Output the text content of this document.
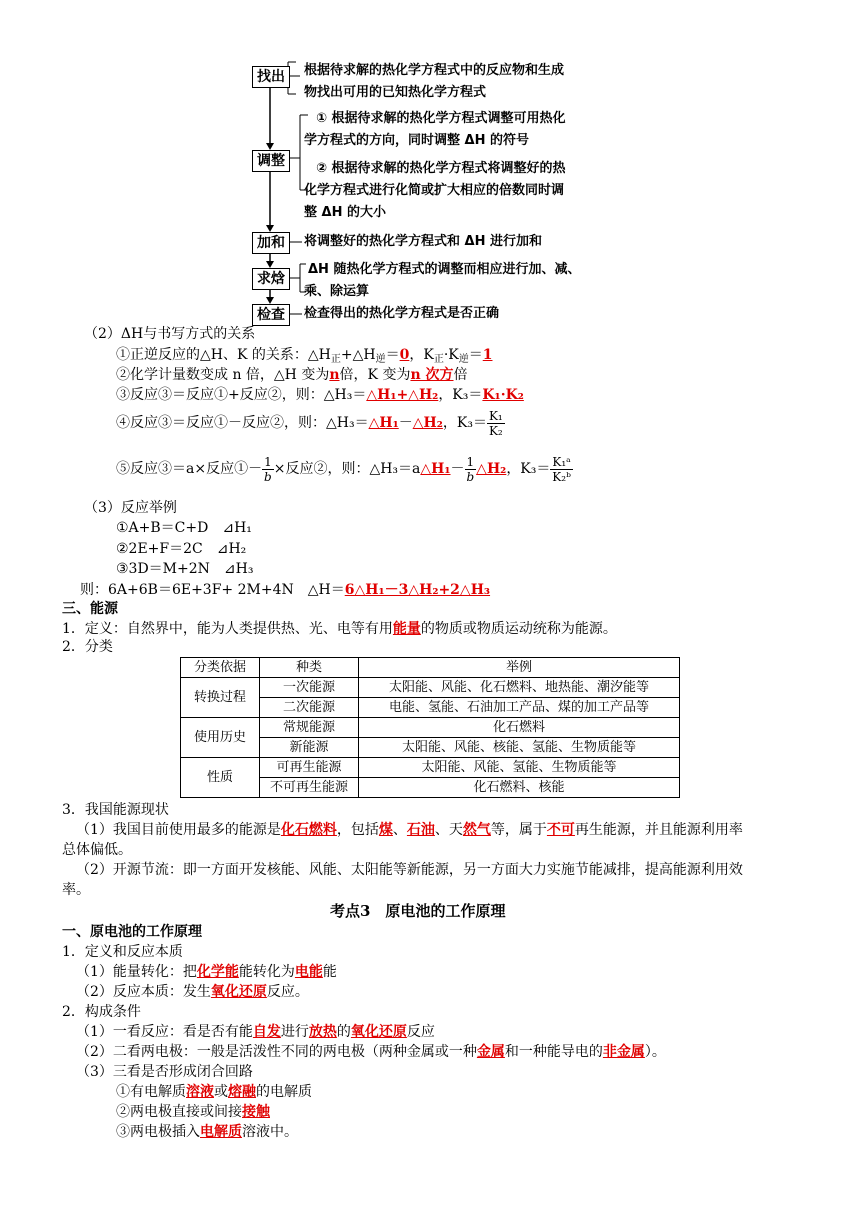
找出
调整
加和
求焓
检查
根据待求解的热化学方程式中的反应物和生成
物找出可用的已知热化学方程式
① 根据待求解的热化学方程式调整可用热化
学方程式的方向，同时调整 ΔH 的符号
② 根据待求解的热化学方程式将调整好的热
化学方程式进行化简或扩大相应的倍数同时调
整 ΔH 的大小
将调整好的热化学方程式和 ΔH 进行加和
ΔH 随热化学方程式的调整而相应进行加、减、
乘、除运算
检查得出的热化学方程式是否正确
（2）ΔH与书写方式的关系
①正逆反应的△H、K 的关系：$\triangle H_正+\triangle H_逆=0$，$K_正\cdot K_逆=1$
②化学计量数变成 n 倍，△H 变为n倍，K 变为n 次方倍
③反应③＝反应①+反应②，则：△H₃＝△H₁+△H₂，K₃＝K₁·K₂
④反应③＝反应①－反应②，则：△H₃＝△H₁－△H₂，$K_3= \frac{\text{K₁}}{\text{K₂}}$
⑤反应③＝a×反应①－ $\frac{1}{b}$ ×反应②，则：△H₃＝a△H₁－ $\frac{1}{b}$ △H₂，$K_3= \frac{\text{K₁ᵃ}}{\text{K₂ᵇ}}$
（3）反应举例
①A+B＝C+D　⊿H₁
②2E+F＝2C　⊿H₂
③3D＝M+2N　⊿H₃
则：6A+6B＝6E+3F+ 2M+4N　△H＝6△H₁－3△H₂+2△H₃
三、能源
1．定义：自然界中，能为人类提供热、光、电等有用能量的物质或物质运动统称为能源。
2．分类
分类依据	种类	举例
转换过程	一次能源	太阳能、风能、化石燃料、地热能、潮汐能等
	二次能源	电能、氢能、石油加工产品、煤的加工产品等
使用历史	常规能源	化石燃料
	新能源	太阳能、风能、核能、氢能、生物质能等
性质	可再生能源	太阳能、风能、氢能、生物质能等
	不可再生能源	化石燃料、核能
3．我国能源现状
（1）我国目前使用最多的能源是化石燃料，包括煤、石油、天然气等，属于不可再生能源，并且能源利用率
总体偏低。
（2）开源节流：即一方面开发核能、风能、太阳能等新能源，另一方面大力实施节能减排，提高能源利用效
率。
考点3　原电池的工作原理
一、原电池的工作原理
1．定义和反应本质
（1）能量转化：把化学能能转化为电能能
（2）反应本质：发生氧化还原反应。
2．构成条件
（1）一看反应：看是否有能自发进行放热的氧化还原反应
（2）二看两电极：一般是活泼性不同的两电极（两种金属或一种金属和一种能导电的非金属）。
（3）三看是否形成闭合回路
①有电解质溶液或熔融的电解质
②两电极直接或间接接触
③两电极插入电解质溶液中。
